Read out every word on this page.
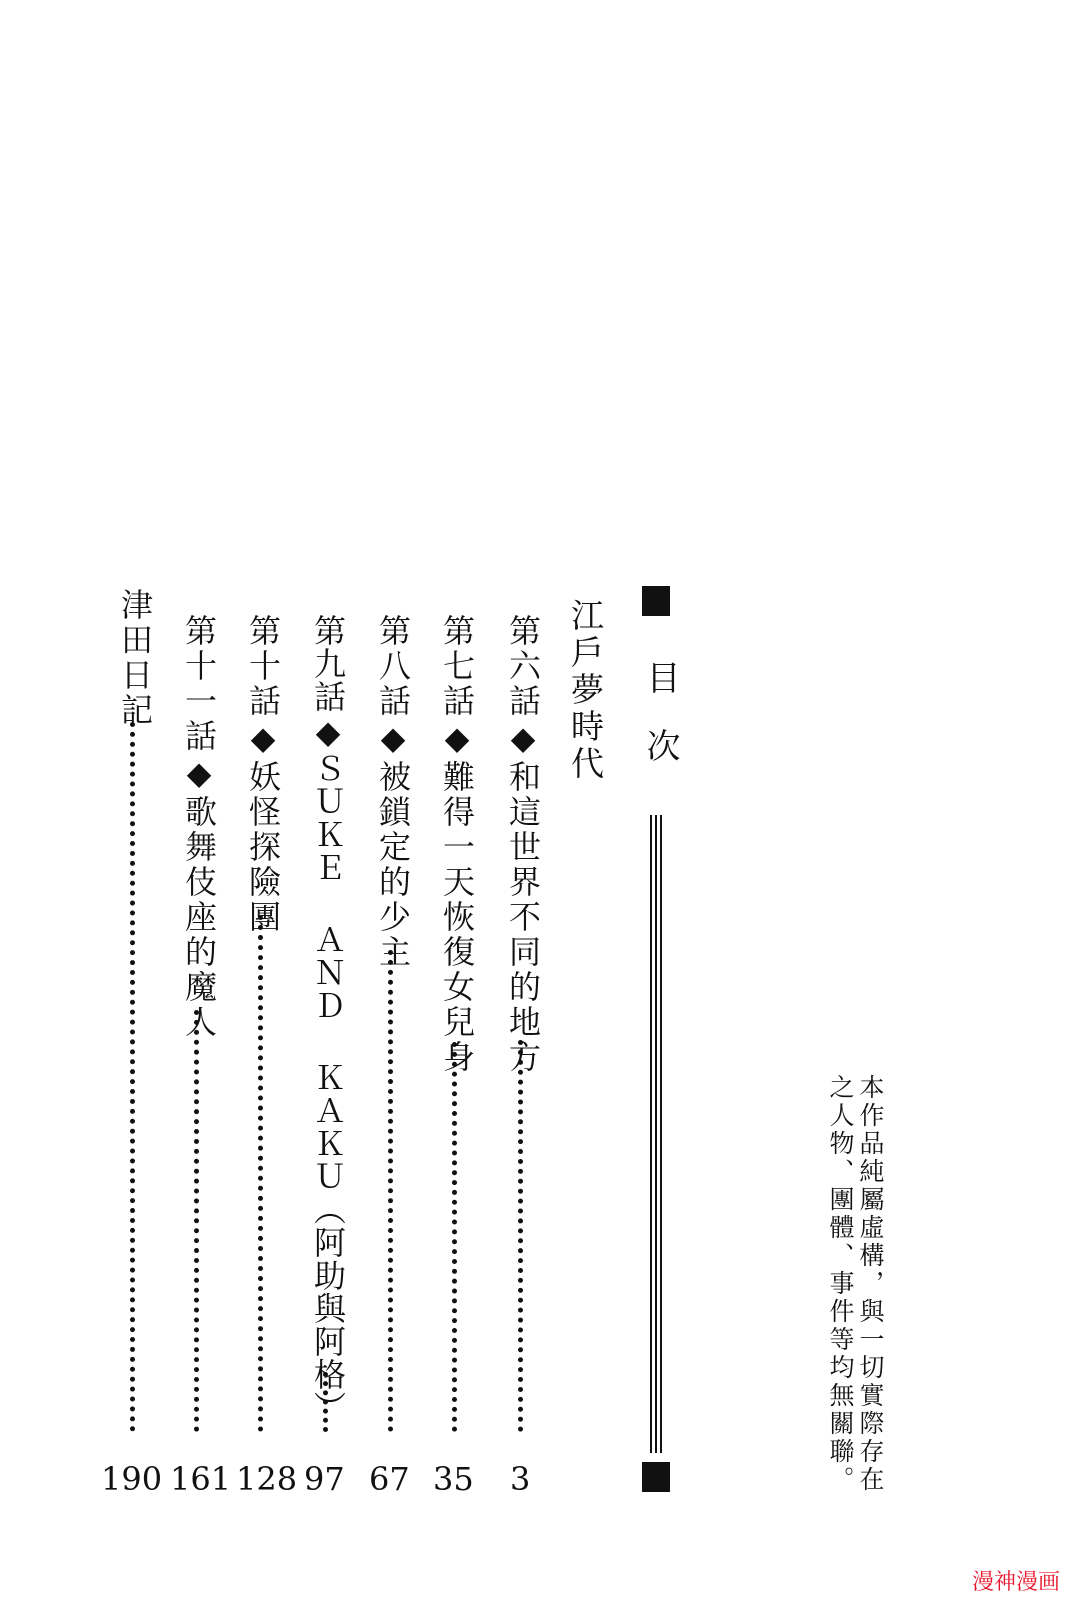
目次
江戶夢時代
第六話◆和這世界不同的地方
3
第七話◆難得一天恢復女兒身
35
第八話◆被鎖定的少主
67
第九話◆ＳＵＫＥ ＡＮＤ ＫＡＫＵ（阿助與阿格）
97
第十話◆妖怪探險團
128
第十一話◆歌舞伎座的魔人
161
津田日記
190	本作品純屬虛構，與一切實際存在之人物、團體、事件等均無關聯。
漫神漫画
